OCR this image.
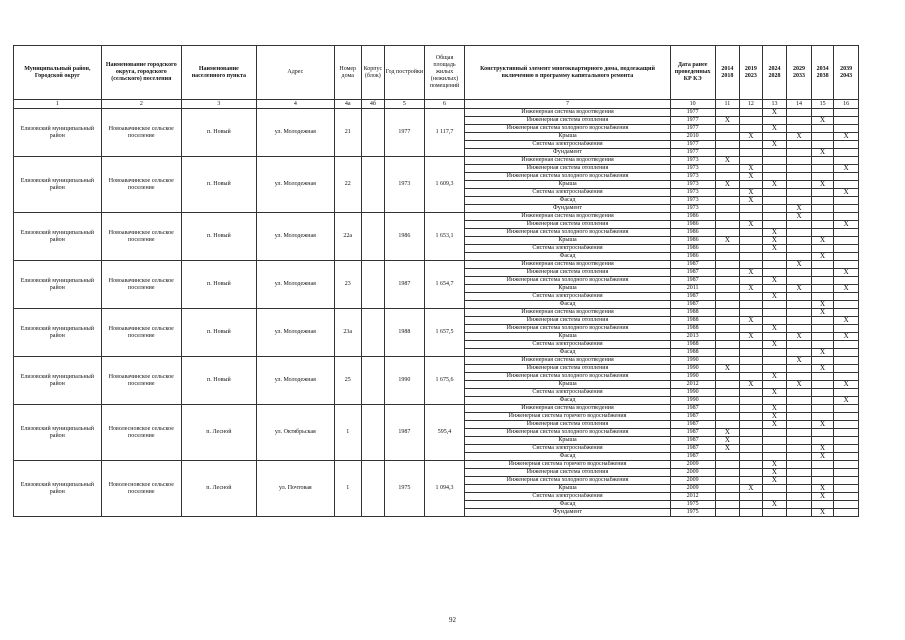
Муниципальный район, Городской округ	Наименование городского округа, городского (сельского) поселения	Наименование населенного пункта	Адрес	Номер дома	Корпус (блок)	Год постройки	Общая площадь жилых (нежилых) помещений	Конструктивный элемент многоквартирного дома, подлежащий включению в программу капитального ремонта	Дата ранее проведенных КР КЭ	2014 2018	2019 2023	2024 2028	2029 2033	2034 2038	2039 2043
1	2	3	4	4а	4б	5	6	7	10	11	12	13	14	15	16
Елизовский муниципальный район	Новоавачинское сельское поселение	п. Новый	ул. Молодежная	21		1977	1 117,7	Инженерная система водоотведения	1977			X			
								Инженерная система отопления	1977	X				X	
								Инженерная система холодного водоснабжения	1977			X			
								Крыша	2010		X		X		X
								Система электроснабжения	1977			X			
								Фундамент	1977					X	
Елизовский муниципальный район	Новоавачинское сельское поселение	п. Новый	ул. Молодежная	22		1973	1 609,3	Инженерная система водоотведения	1973	X					
								Инженерная система отопления	1973		X				X
								Инженерная система холодного водоснабжения	1973		X				
								Крыша	1973	X		X		X	
								Система электроснабжения	1973		X				X
								Фасад	1973		X				
								Фундамент	1973				X		
Елизовский муниципальный район	Новоавачинское сельское поселение	п. Новый	ул. Молодежная	22а		1986	1 653,1	Инженерная система водоотведения	1986				X		
								Инженерная система отопления	1986		X				X
								Инженерная система холодного водоснабжения	1986			X			
								Крыша	1986	X		X		X	
								Система электроснабжения	1986			X			
								Фасад	1986					X	
Елизовский муниципальный район	Новоавачинское сельское поселение	п. Новый	ул. Молодежная	23		1987	1 654,7	Инженерная система водоотведения	1987				X		
								Инженерная система отопления	1987		X				X
								Инженерная система холодного водоснабжения	1987			X			
								Крыша	2011		X		X		X
								Система электроснабжения	1987			X			
								Фасад	1987					X	
Елизовский муниципальный район	Новоавачинское сельское поселение	п. Новый	ул. Молодежная	23а		1988	1 657,5	Инженерная система водоотведения	1988					X	
								Инженерная система отопления	1988		X				X
								Инженерная система холодного водоснабжения	1988			X			
								Крыша	2013		X		X		X
								Система электроснабжения	1988			X			
								Фасад	1988					X	
Елизовский муниципальный район	Новоавачинское сельское поселение	п. Новый	ул. Молодежная	25		1990	1 675,6	Инженерная система водоотведения	1990				X		
								Инженерная система отопления	1990	X				X	
								Инженерная система холодного водоснабжения	1990			X			
								Крыша	2012		X		X		X
								Система электроснабжения	1990			X			
								Фасад	1990						X
Елизовский муниципальный район	Новолесновское сельское поселение	п. Лесной	ул. Октябрьская	1		1987	595,4	Инженерная система водоотведения	1987			X			
								Инженерная система горячего водоснабжения	1987			X			
								Инженерная система отопления	1987			X		X	
								Инженерная система холодного водоснабжения	1987	X					
								Крыша	1987	X					
								Система электроснабжения	1987	X				X	
								Фасад	1987					X	
Елизовский муниципальный район	Новолесновское сельское поселение	п. Лесной	ул. Почтовая	1		1975	1 094,3	Инженерная система горячего водоснабжения	2009			X			
								Инженерная система отопления	2009			X			
								Инженерная система холодного водоснабжения	2009			X			
								Крыша	2009		X			X	
								Система электроснабжения	2012					X	
								Фасад	1975			X			
								Фундамент	1975					X	
92
